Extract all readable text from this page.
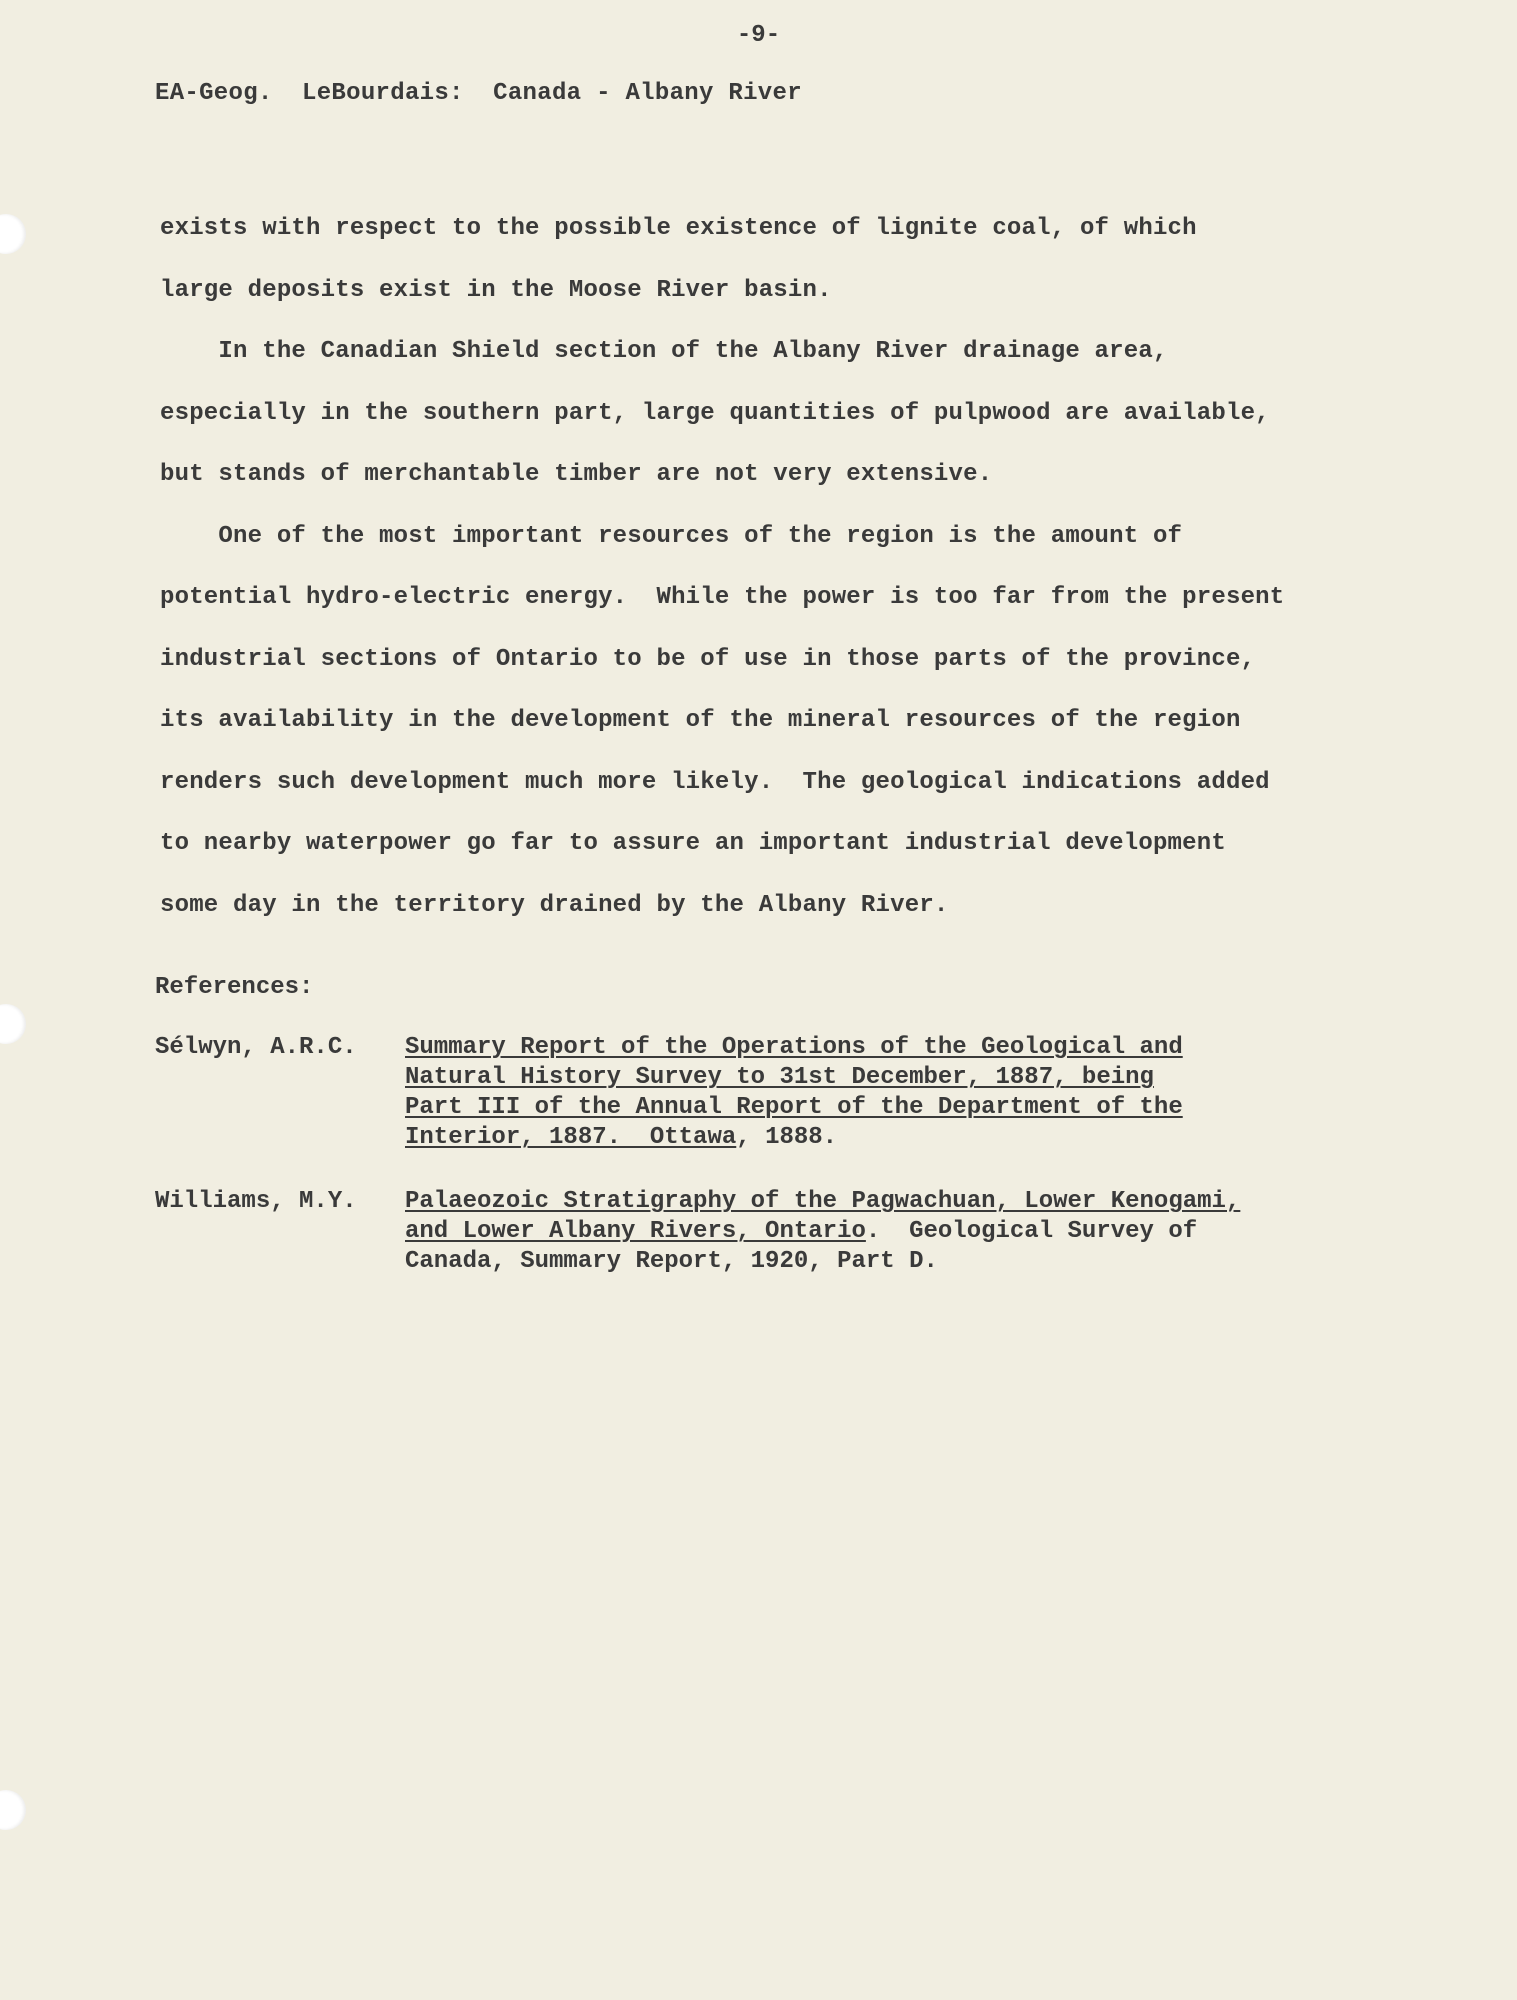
-9-
EA-Geog.  LeBourdais:  Canada - Albany River

exists with respect to the possible existence of lignite coal, of which

large deposits exist in the Moose River basin.

In the Canadian Shield section of the Albany River drainage area,

especially in the southern part, large quantities of pulpwood are available,

but stands of merchantable timber are not very extensive.

One of the most important resources of the region is the amount of

potential hydro-electric energy.  While the power is too far from the present

industrial sections of Ontario to be of use in those parts of the province,

its availability in the development of the mineral resources of the region

renders such development much more likely.  The geological indications added

to nearby waterpower go far to assure an important industrial development

some day in the territory drained by the Albany River.

References:
Sélwyn, A.R.C. Summary Report of the Operations of the Geological and
Natural History Survey to 31st December, 1887, being
Part III of the Annual Report of the Department of the
Interior, 1887.  Ottawa, 1888.
Williams, M.Y. Palaeozoic Stratigraphy of the Pagwachuan, Lower Kenogami,
and Lower Albany Rivers, Ontario.  Geological Survey of
Canada, Summary Report, 1920, Part D.
